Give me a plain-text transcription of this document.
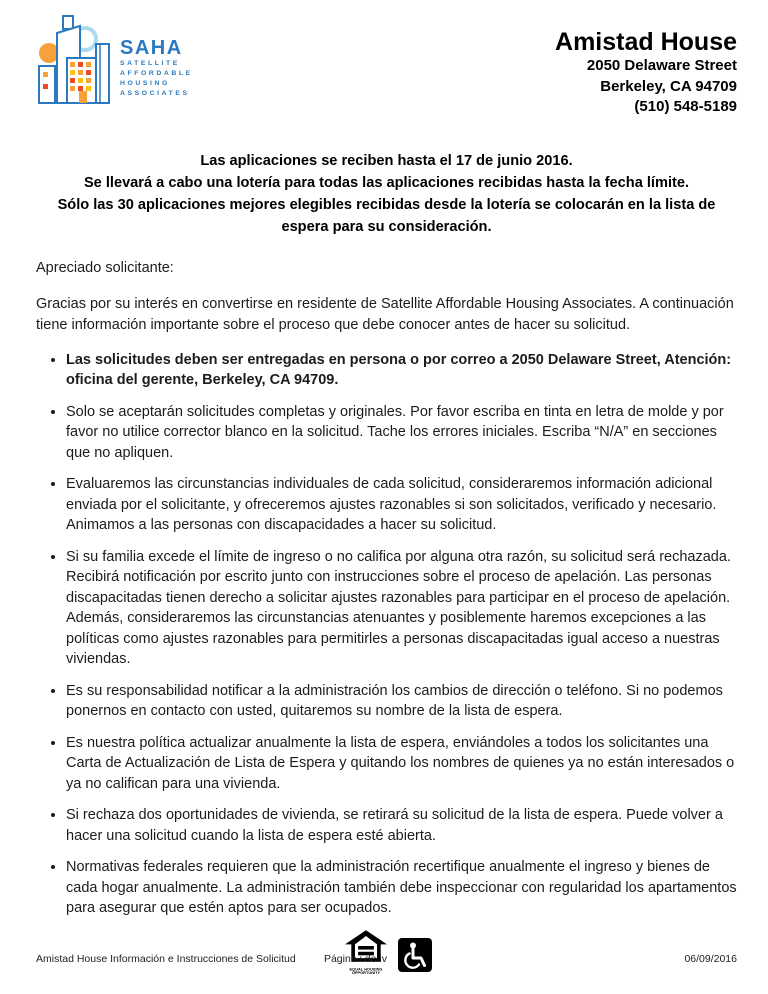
SAHA
SATELLITE
AFFORDABLE
HOUSING
ASSOCIATES
Amistad House
2050 Delaware Street
Berkeley, CA 94709
(510) 548-5189
Las aplicaciones se reciben hasta el 17 de junio 2016.
Se llevará a cabo una lotería para todas las aplicaciones recibidas hasta la fecha límite.
Sólo las 30 aplicaciones mejores elegibles recibidas desde la lotería se colocarán en la lista de espera para su consideración.
Apreciado solicitante:

Gracias por su interés en convertirse en residente de Satellite Affordable Housing Associates. A continuación tiene información importante sobre el proceso que debe conocer antes de hacer su solicitud.

• Las solicitudes deben ser entregadas en persona o por correo a 2050 Delaware Street, Atención: oficina del gerente, Berkeley, CA 94709.
• Solo se aceptarán solicitudes completas y originales. Por favor escriba en tinta en letra de molde y por favor no utilice corrector blanco en la solicitud. Tache los errores iniciales. Escriba “N/A” en secciones que no apliquen.
• Evaluaremos las circunstancias individuales de cada solicitud, consideraremos información adicional enviada por el solicitante, y ofreceremos ajustes razonables si son solicitados, verificado y necesario. Animamos a las personas con discapacidades a hacer su solicitud.
• Si su familia excede el límite de ingreso o no califica por alguna otra razón, su solicitud será rechazada. Recibirá notificación por escrito junto con instrucciones sobre el proceso de apelación. Las personas discapacitadas tienen derecho a solicitar ajustes razonables para participar en el proceso de apelación. Además, consideraremos las circunstancias atenuantes y posiblemente haremos excepciones a las políticas como ajustes razonables para permitirles a personas discapacitadas igual acceso a nuestras viviendas.
• Es su responsabilidad notificar a la administración los cambios de dirección o teléfono. Si no podemos ponernos en contacto con usted, quitaremos su nombre de la lista de espera.
• Es nuestra política actualizar anualmente la lista de espera, enviándoles a todos los solicitantes una Carta de Actualización de Lista de Espera y quitando los nombres de quienes ya no están interesados o ya no califican para una vivienda.
• Si rechaza dos oportunidades de vivienda, se retirará su solicitud de la lista de espera. Puede volver a hacer una solicitud cuando la lista de espera esté abierta.
• Normativas federales requieren que la administración recertifique anualmente el ingreso y bienes de cada hogar anualmente. La administración también debe inspeccionar con regularidad los apartamentos para asegurar que estén aptos para ser ocupados.
EQUAL HOUSING OPPORTUNITY
Página i de iv
Amistad House Información e Instrucciones de Solicitud	06/09/2016
